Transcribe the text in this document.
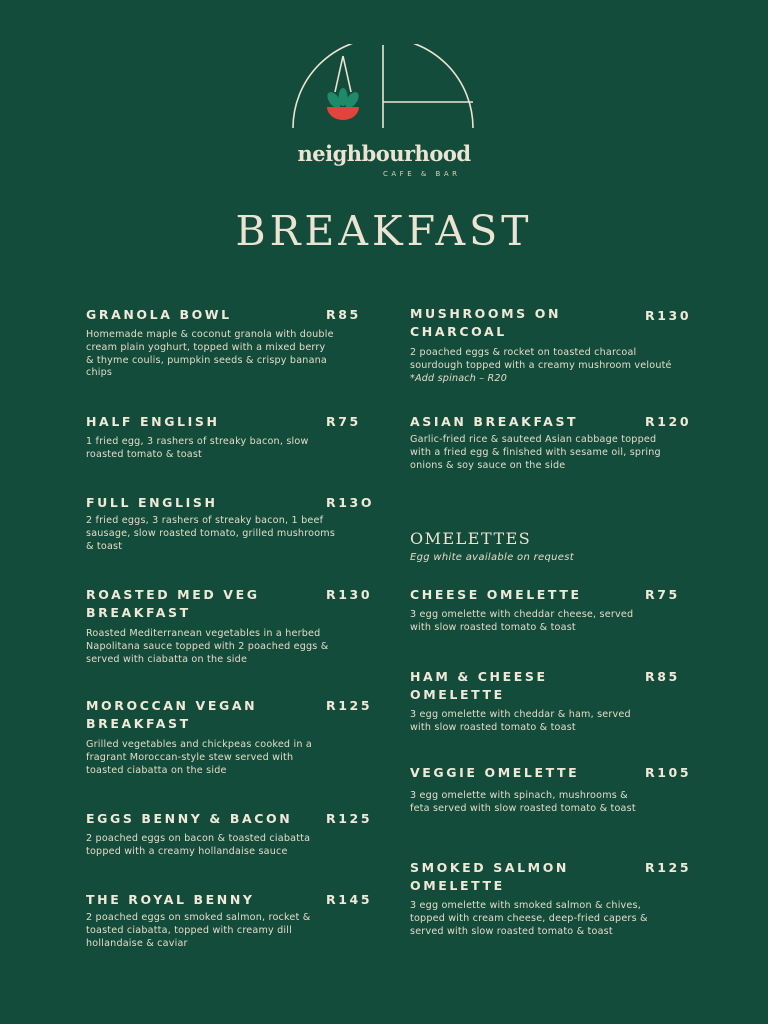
neighbourhood
CAFE & BAR
BREAKFAST
GRANOLA BOWL	R85
Homemade maple & coconut granola with double cream plain yoghurt, topped with a mixed berry & thyme coulis, pumpkin seeds & crispy banana chips
HALF ENGLISH	R75
1 fried egg, 3 rashers of streaky bacon, slow roasted tomato & toast
FULL ENGLISH	R13O
2 fried eggs, 3 rashers of streaky bacon, 1 beef sausage, slow roasted tomato, grilled mushrooms & toast
ROASTED MED VEG BREAKFAST
R130
Roasted Mediterranean vegetables in a herbed Napolitana sauce topped with 2 poached eggs & served with ciabatta on the side
MOROCCAN VEGAN BREAKFAST
R125
Grilled vegetables and chickpeas cooked in a fragrant Moroccan-style stew served with toasted ciabatta on the side
EGGS BENNY & BACON	R125
2 poached eggs on bacon & toasted ciabatta topped with a creamy hollandaise sauce
THE ROYAL BENNY	R145
2 poached eggs on smoked salmon, rocket & toasted ciabatta, topped with creamy dill hollandaise & caviar
MUSHROOMS ON CHARCOAL
R130
2 poached eggs & rocket on toasted charcoal sourdough topped with a creamy mushroom velouté *Add spinach – R20
ASIAN BREAKFAST	R120
Garlic-fried rice & sauteed Asian cabbage topped with a fried egg & finished with sesame oil, spring onions & soy sauce on the side
OMELETTES
Egg white available on request
CHEESE OMELETTE	R75
3 egg omelette with cheddar cheese, served with slow roasted tomato & toast
HAM & CHEESE OMELETTE
R85
3 egg omelette with cheddar & ham, served with slow roasted tomato & toast
VEGGIE OMELETTE	R105
3 egg omelette with spinach, mushrooms & feta served with slow roasted tomato & toast
SMOKED SALMON OMELETTE
R125
3 egg omelette with smoked salmon & chives, topped with cream cheese, deep-fried capers & served with slow roasted tomato & toast
